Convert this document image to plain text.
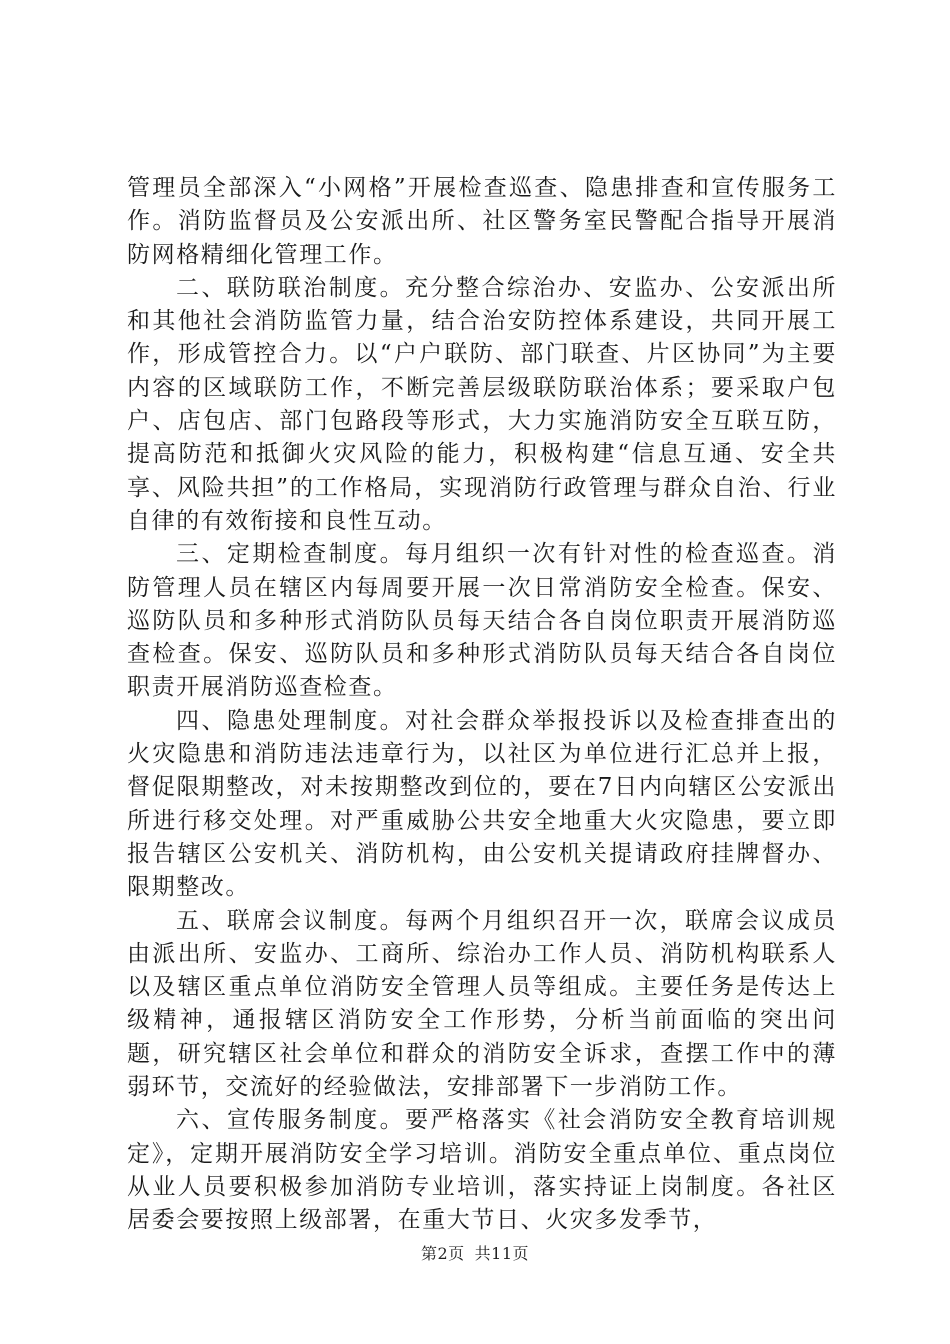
管理员全部深入“小网格”开展检查巡查、隐患排查和宣传服务工作。消防监督员及公安派出所、社区警务室民警配合指导开展消防网格精细化管理工作。

二、联防联治制度。充分整合综治办、安监办、公安派出所和其他社会消防监管力量，结合治安防控体系建设，共同开展工作，形成管控合力。以“户户联防、部门联查、片区协同”为主要内容的区域联防工作，不断完善层级联防联治体系；要采取户包户、店包店、部门包路段等形式，大力实施消防安全互联互防，提高防范和抵御火灾风险的能力，积极构建“信息互通、安全共享、风险共担”的工作格局，实现消防行政管理与群众自治、行业自律的有效衔接和良性互动。

三、定期检查制度。每月组织一次有针对性的检查巡查。消防管理人员在辖区内每周要开展一次日常消防安全检查。保安、巡防队员和多种形式消防队员每天结合各自岗位职责开展消防巡查检查。保安、巡防队员和多种形式消防队员每天结合各自岗位职责开展消防巡查检查。

四、隐患处理制度。对社会群众举报投诉以及检查排查出的火灾隐患和消防违法违章行为，以社区为单位进行汇总并上报，督促限期整改，对未按期整改到位的，要在7日内向辖区公安派出所进行移交处理。对严重威胁公共安全地重大火灾隐患，要立即报告辖区公安机关、消防机构，由公安机关提请政府挂牌督办、限期整改。

五、联席会议制度。每两个月组织召开一次，联席会议成员由派出所、安监办、工商所、综治办工作人员、消防机构联系人以及辖区重点单位消防安全管理人员等组成。主要任务是传达上级精神，通报辖区消防安全工作形势，分析当前面临的突出问题，研究辖区社会单位和群众的消防安全诉求，查摆工作中的薄弱环节，交流好的经验做法，安排部署下一步消防工作。

六、宣传服务制度。要严格落实《社会消防安全教育培训规定》，定期开展消防安全学习培训。消防安全重点单位、重点岗位从业人员要积极参加消防专业培训，落实持证上岗制度。各社区居委会要按照上级部署，在重大节日、火灾多发季节，

第2页 共11页
